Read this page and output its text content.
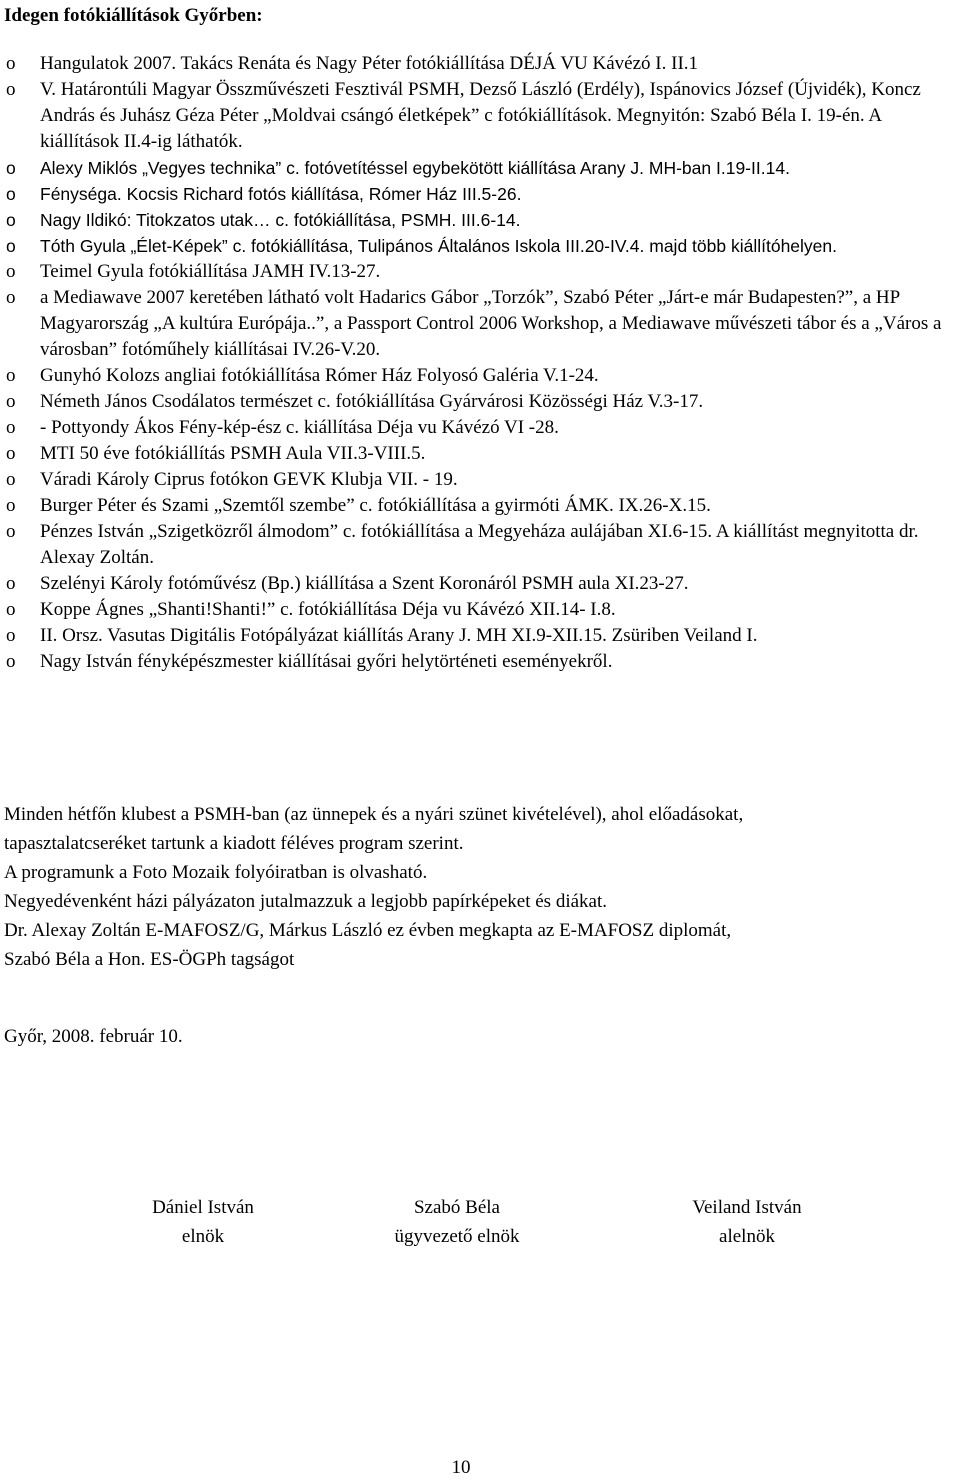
Idegen fotókiállítások Győrben:
o Hangulatok 2007. Takács Renáta és Nagy Péter fotókiállítása DÉJÁ VU Kávézó I. II.1
o V. Határontúli Magyar Összművészeti Fesztivál PSMH, Dezső László (Erdély), Ispánovics József (Újvidék), Koncz András és Juhász Géza Péter „Moldvai csángó életképek” c fotókiállítások. Megnyitón: Szabó Béla I. 19-én. A kiállítások II.4-ig láthatók.
o Alexy Miklós „Vegyes technika” c. fotóvetítéssel egybekötött kiállítása Arany J. MH-ban I.19-II.14.
o Fénységa. Kocsis Richard fotós kiállítása, Rómer Ház III.5-26.
o Nagy Ildikó: Titokzatos utak… c. fotókiállítása, PSMH. III.6-14.
o Tóth Gyula „Élet-Képek” c. fotókiállítása, Tulipános Általános Iskola III.20-IV.4. majd több kiállítóhelyen.
o Teimel Gyula fotókiállítása JAMH IV.13-27.
o a Mediawave 2007 keretében látható volt Hadarics Gábor „Torzók”, Szabó Péter „Járt-e már Budapesten?”, a HP Magyarország „A kultúra Európája..”, a Passport Control 2006 Workshop, a Mediawave művészeti tábor és a „Város a városban” fotóműhely kiállításai IV.26-V.20.
o Gunyhó Kolozs angliai fotókiállítása Rómer Ház Folyosó Galéria V.1-24.
o Németh János Csodálatos természet c. fotókiállítása Gyárvárosi Közösségi Ház V.3-17.
o - Pottyondy Ákos Fény-kép-ész c. kiállítása Déja vu Kávézó VI -28.
o MTI 50 éve fotókiállítás PSMH Aula VII.3-VIII.5.
o Váradi Károly Ciprus fotókon GEVK Klubja VII. - 19.
o Burger Péter és Szami „Szemtől szembe” c. fotókiállítása a gyirmóti ÁMK. IX.26-X.15.
o Pénzes István „Szigetközről álmodom” c. fotókiállítása a Megyeháza aulájában XI.6-15. A kiállítást megnyitotta dr. Alexay Zoltán.
o Szelényi Károly fotóművész (Bp.) kiállítása a Szent Koronáról PSMH aula XI.23-27.
o Koppe Ágnes „Shanti!Shanti!” c. fotókiállítása Déja vu Kávézó XII.14- I.8.
o II. Orsz. Vasutas Digitális Fotópályázat kiállítás Arany J. MH XI.9-XII.15. Zsüriben Veiland I.
o Nagy István fényképészmester kiállításai győri helytörténeti eseményekről.

Minden hétfőn klubest a PSMH-ban (az ünnepek és a nyári szünet kivételével), ahol előadásokat,

tapasztalatcseréket tartunk a kiadott féléves program szerint.

A programunk a Foto Mozaik folyóiratban is olvasható.

Negyedévenként házi pályázaton jutalmazzuk a legjobb papírképeket és diákat.

Dr. Alexay Zoltán E-MAFOSZ/G, Márkus László ez évben megkapta az E-MAFOSZ diplomát,

Szabó Béla a Hon. ES-ÖGPh tagságot

Győr, 2008. február 10.
Dániel István
elnök
Szabó Béla
ügyvezető elnök
Veiland István
alelnök
10
